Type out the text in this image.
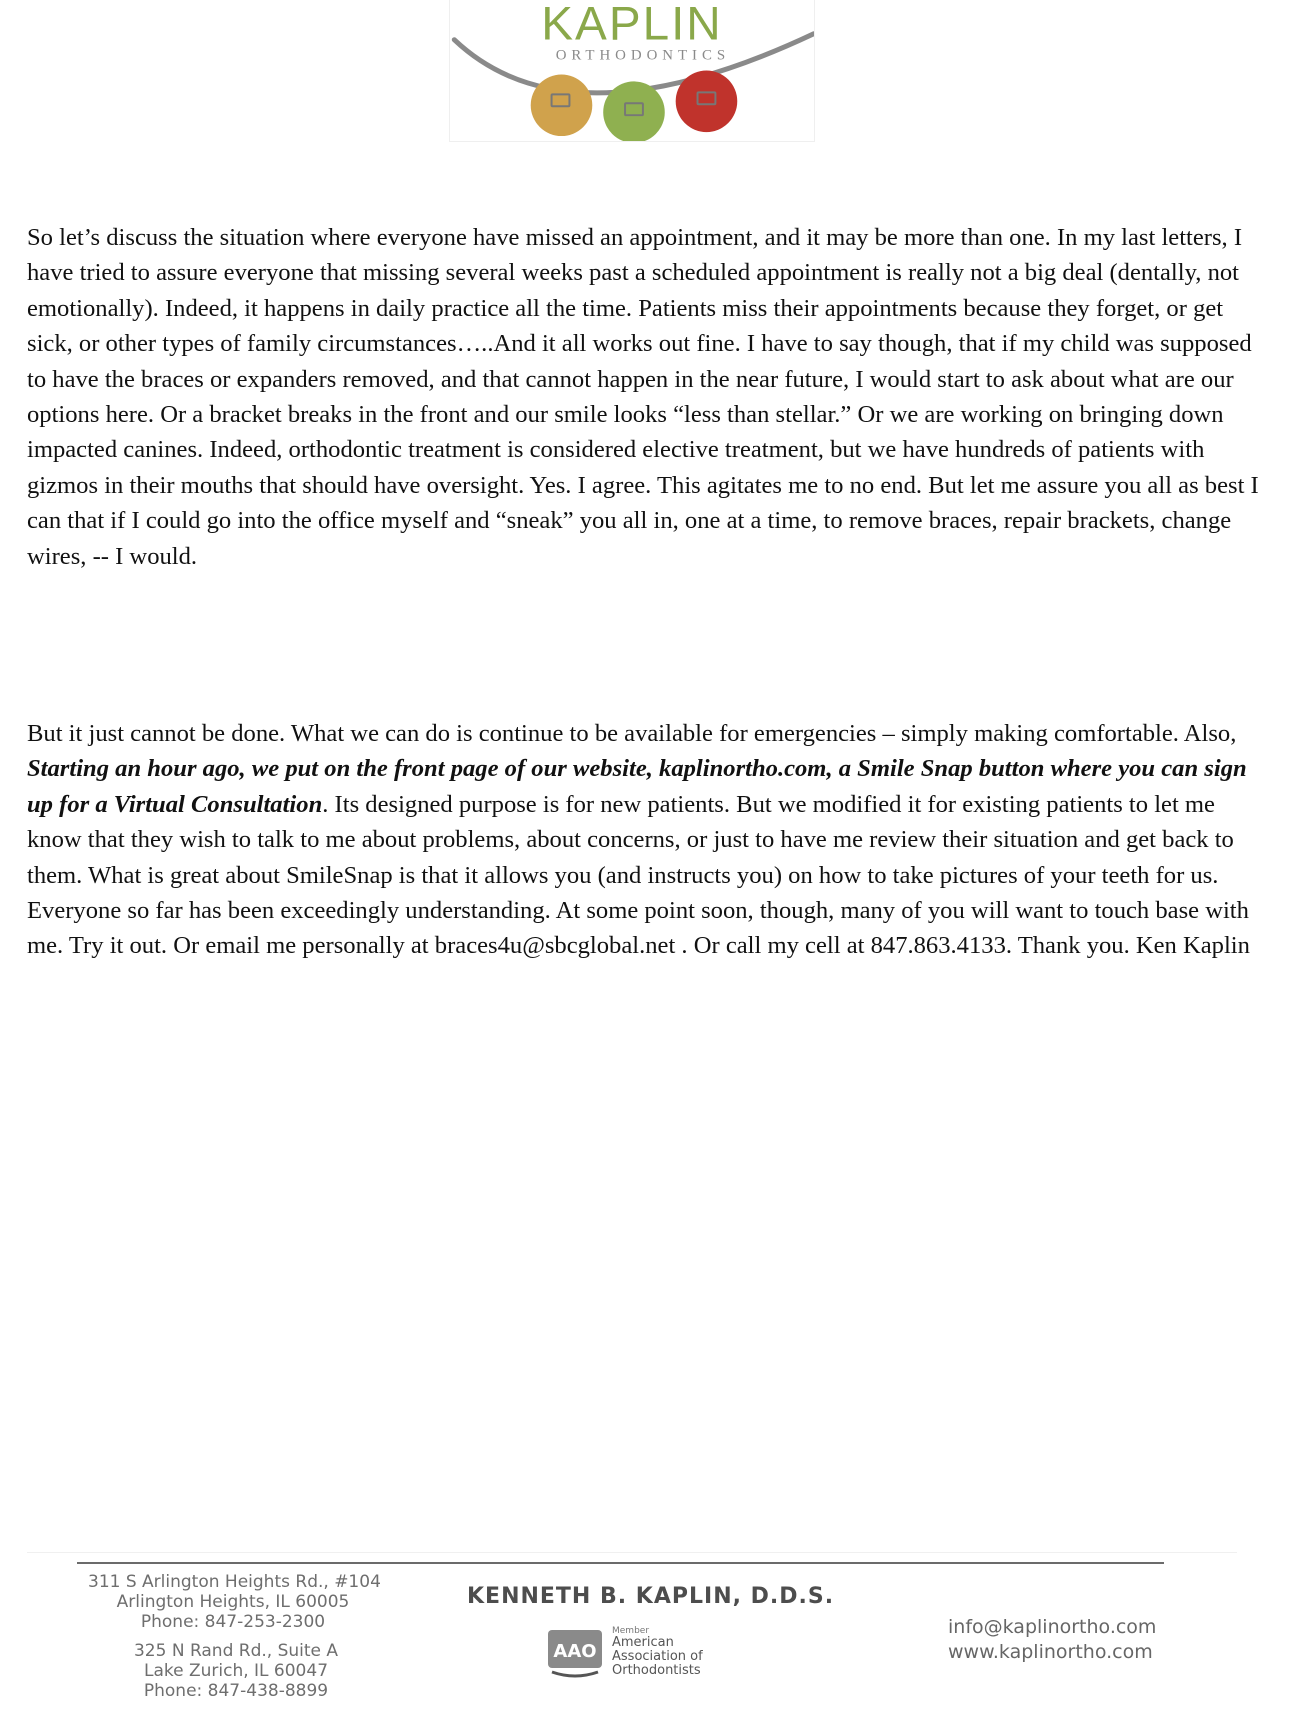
KAPLIN
ORTHODONTICS

So let’s discuss the situation where everyone have missed an appointment, and it may be more than one. In my last letters, I have tried to assure everyone that missing several weeks past a scheduled appointment is really not a big deal (dentally, not emotionally). Indeed, it happens in daily practice all the time. Patients miss their appointments because they forget, or get sick, or other types of family circumstances…..And it all works out fine. I have to say though, that if my child was supposed to have the braces or expanders removed, and that cannot happen in the near future, I would start to ask about what are our options here. Or a bracket breaks in the front and our smile looks “less than stellar.” Or we are working on bringing down impacted canines. Indeed, orthodontic treatment is considered elective treatment, but we have hundreds of patients with gizmos in their mouths that should have oversight. Yes. I agree. This agitates me to no end. But let me assure you all as best I can that if I could go into the office myself and “sneak” you all in, one at a time, to remove braces, repair brackets, change wires, -- I would.

But it just cannot be done. What we can do is continue to be available for emergencies – simply making comfortable. Also, Starting an hour ago, we put on the front page of our website, kaplinortho.com, a Smile Snap button where you can sign up for a Virtual Consultation. Its designed purpose is for new patients. But we modified it for existing patients to let me know that they wish to talk to me about problems, about concerns, or just to have me review their situation and get back to them. What is great about SmileSnap is that it allows you (and instructs you) on how to take pictures of your teeth for us. Everyone so far has been exceedingly understanding. At some point soon, though, many of you will want to touch base with me. Try it out. Or email me personally at braces4u@sbcglobal.net . Or call my cell at 847.863.4133. Thank you. Ken Kaplin

311 S Arlington Heights Rd., #104
Arlington Heights, IL 60005
Phone: 847-253-2300
325 N Rand Rd., Suite A
Lake Zurich, IL 60047
Phone: 847-438-8899
KENNETH B. KAPLIN, D.D.S.
AAO
Member
American
Association of
Orthodontists
info@kaplinortho.com
www.kaplinortho.com
